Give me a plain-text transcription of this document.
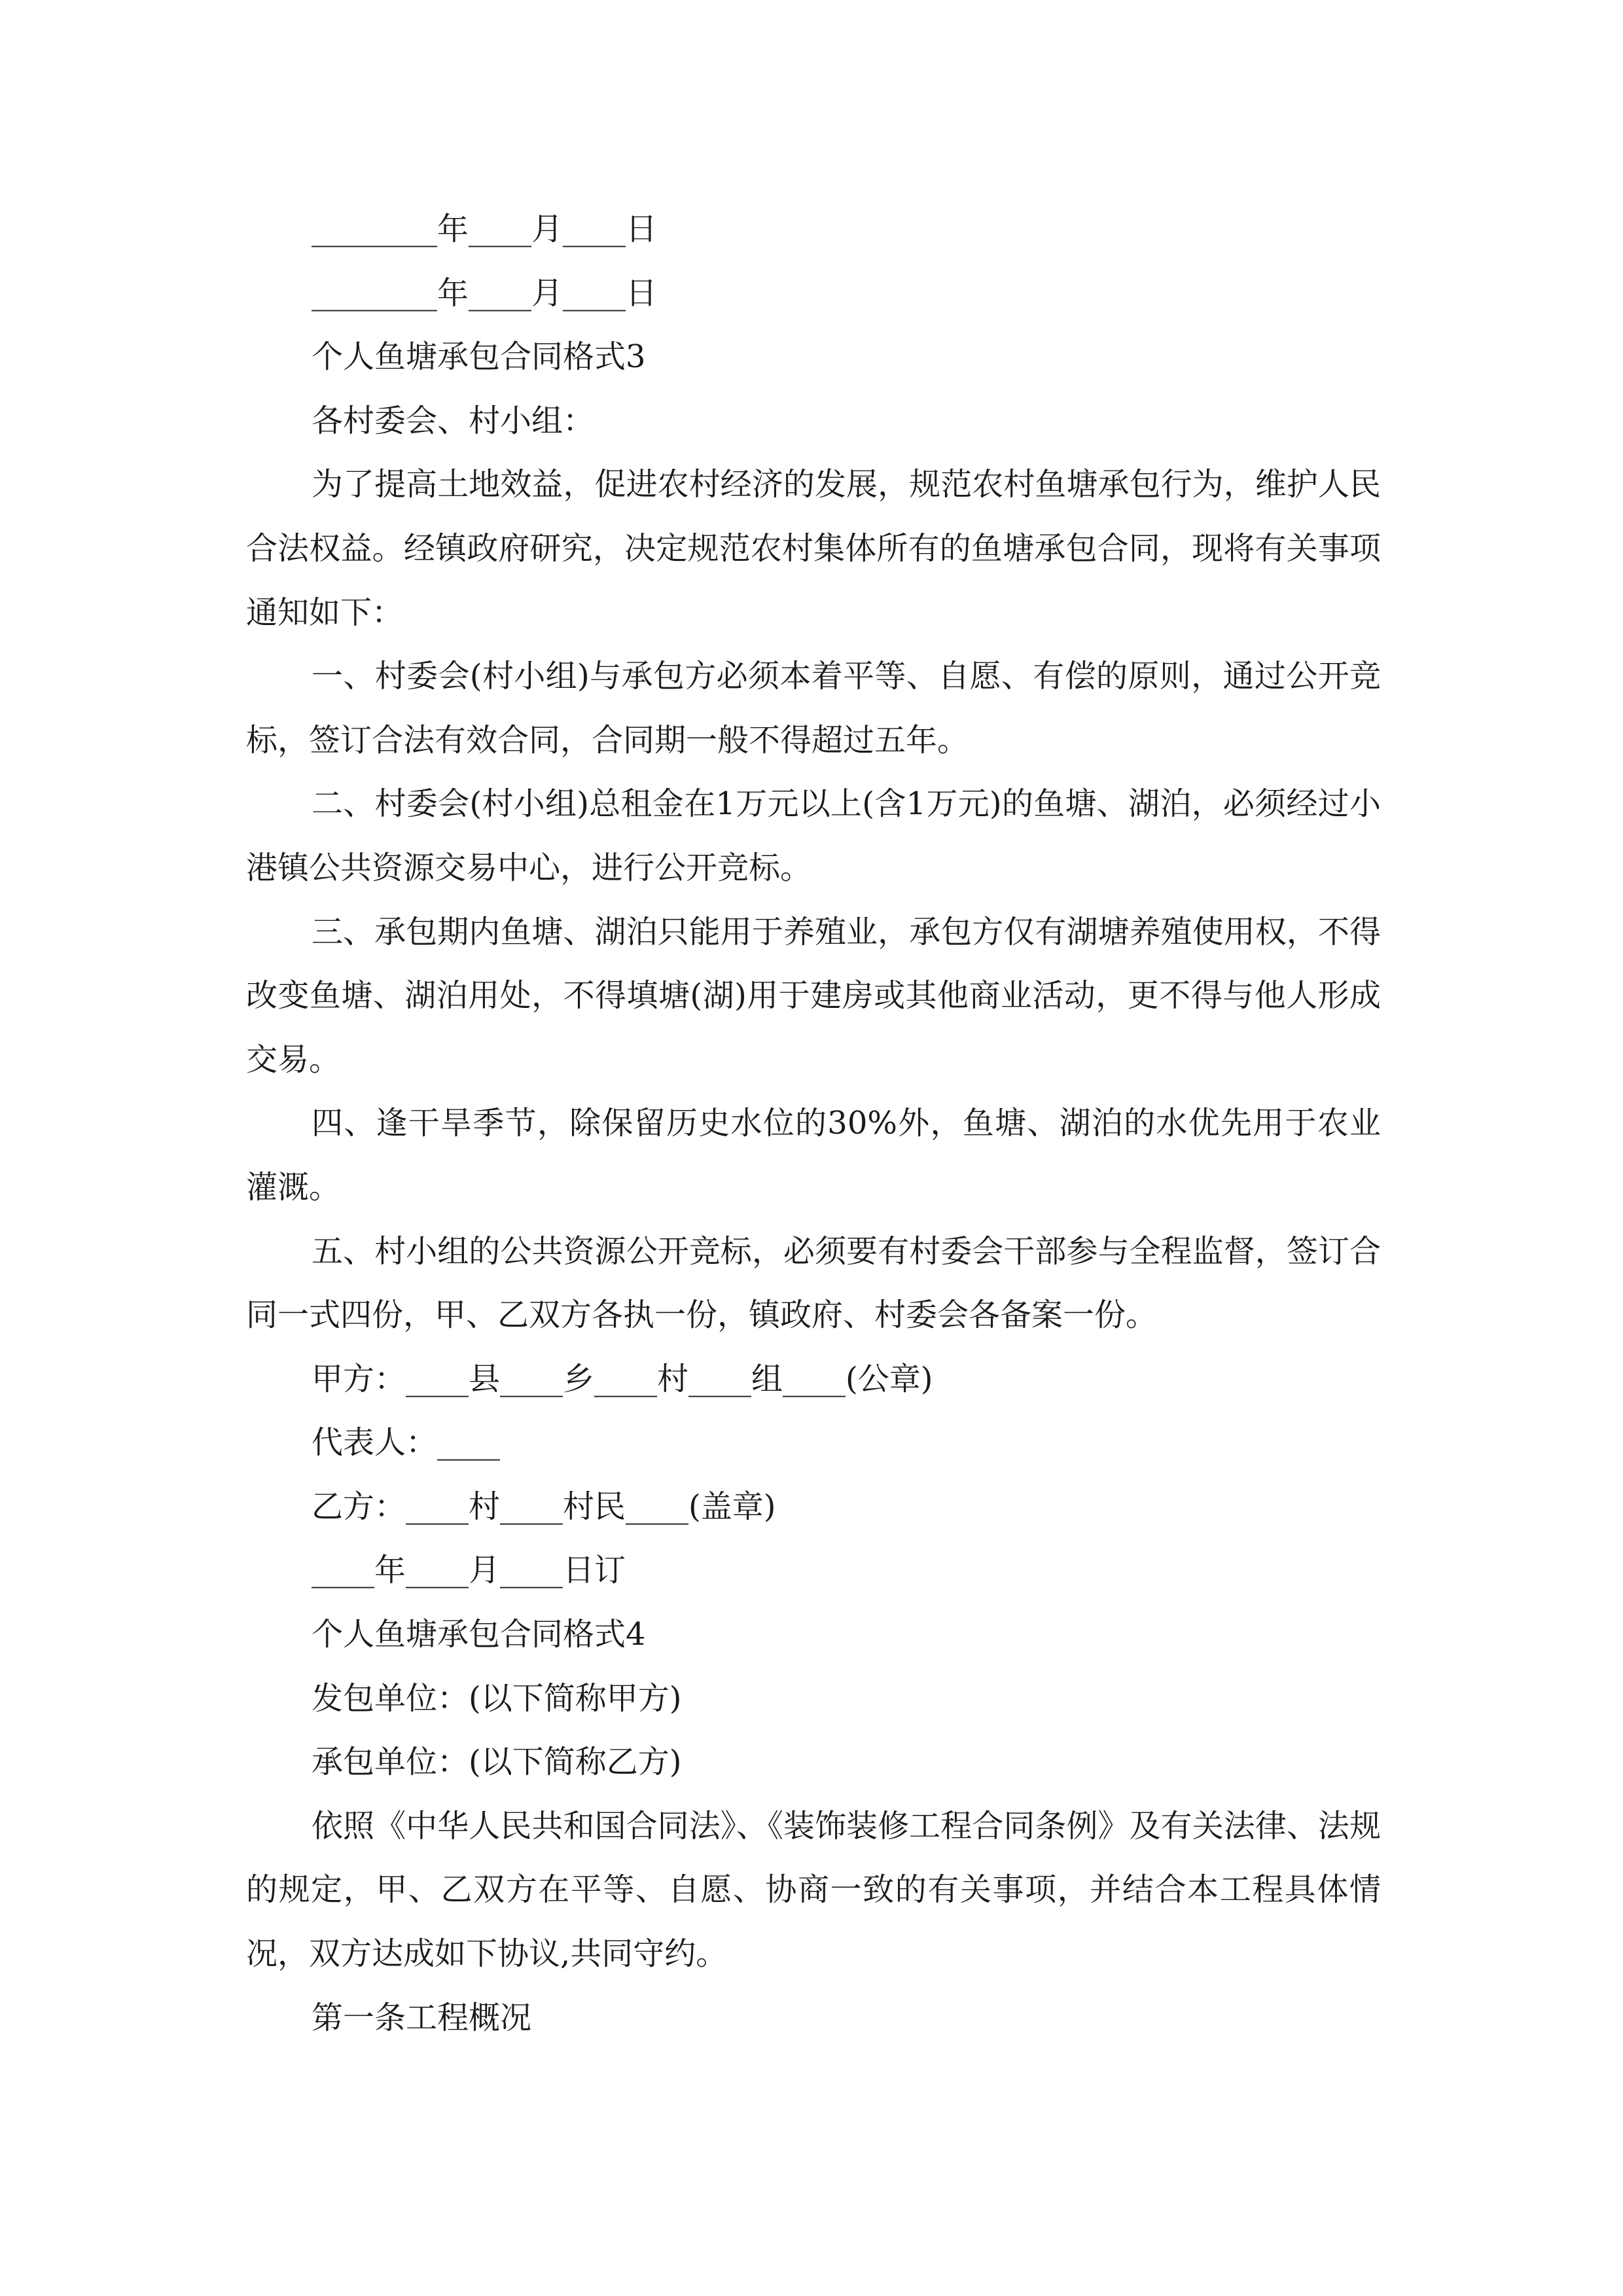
________年____月____日

________年____月____日

个人鱼塘承包合同格式3

各村委会、村小组：

为了提高土地效益，促进农村经济的发展，规范农村鱼塘承包行为，维护人民合法权益。经镇政府研究，决定规范农村集体所有的鱼塘承包合同，现将有关事项通知如下：

一、村委会(村小组)与承包方必须本着平等、自愿、有偿的原则，通过公开竞标，签订合法有效合同，合同期一般不得超过五年。

二、村委会(村小组)总租金在1万元以上(含1万元)的鱼塘、湖泊，必须经过小港镇公共资源交易中心，进行公开竞标。

三、承包期内鱼塘、湖泊只能用于养殖业，承包方仅有湖塘养殖使用权，不得改变鱼塘、湖泊用处，不得填塘(湖)用于建房或其他商业活动，更不得与他人形成交易。

四、逢干旱季节，除保留历史水位的30%外，鱼塘、湖泊的水优先用于农业灌溉。

五、村小组的公共资源公开竞标，必须要有村委会干部参与全程监督，签订合同一式四份，甲、乙双方各执一份，镇政府、村委会各备案一份。

甲方：____县____乡____村____组____(公章)

代表人：____

乙方：____村____村民____(盖章)

____年____月____日订

个人鱼塘承包合同格式4

发包单位：(以下简称甲方)

承包单位：(以下简称乙方)

依照《中华人民共和国合同法》、《装饰装修工程合同条例》及有关法律、法规的规定，甲、乙双方在平等、自愿、协商一致的有关事项，并结合本工程具体情况，双方达成如下协议,共同守约。

第一条工程概况
